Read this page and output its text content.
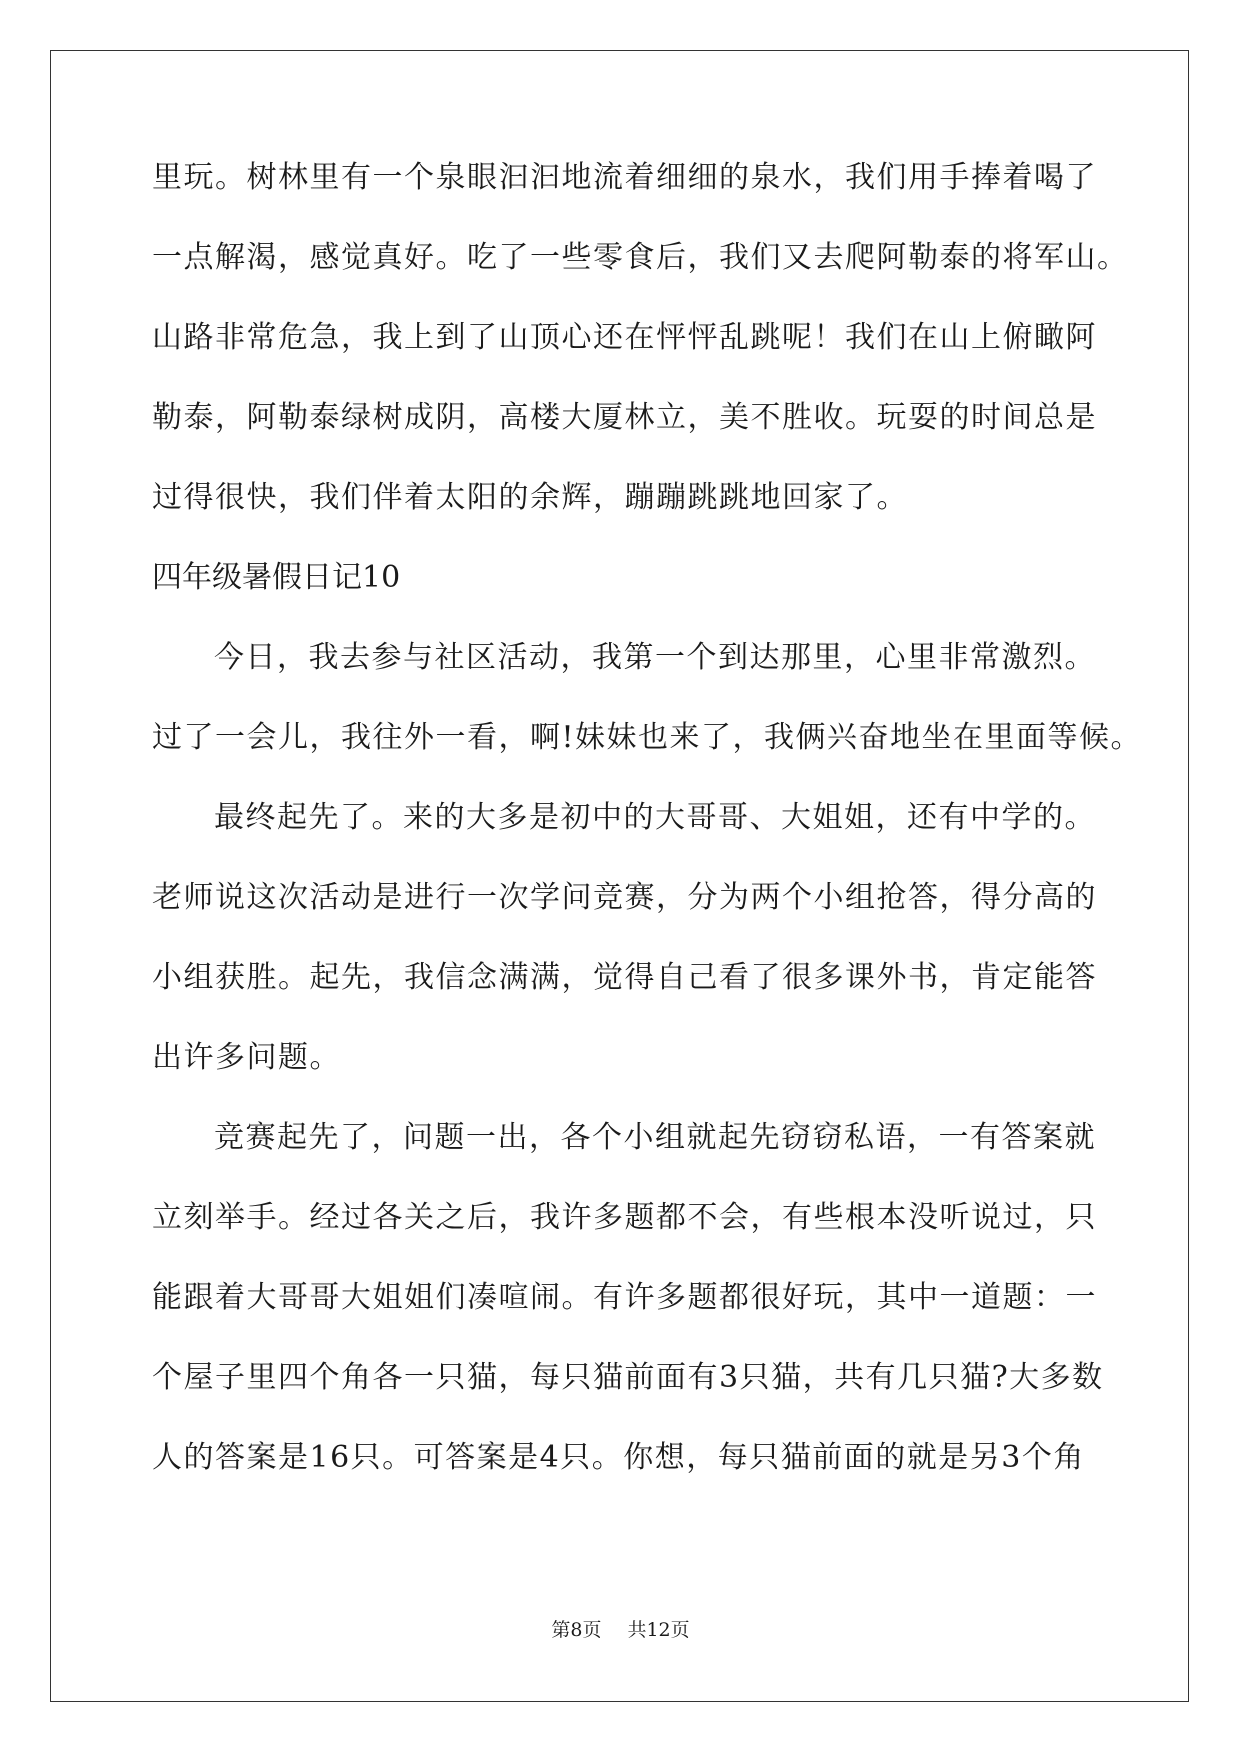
里玩。树林里有一个泉眼汩汩地流着细细的泉水，我们用手捧着喝了
一点解渴，感觉真好。吃了一些零食后，我们又去爬阿勒泰的将军山。
山路非常危急，我上到了山顶心还在怦怦乱跳呢！我们在山上俯瞰阿
勒泰，阿勒泰绿树成阴，高楼大厦林立，美不胜收。玩耍的时间总是
过得很快，我们伴着太阳的余辉，蹦蹦跳跳地回家了。
四年级暑假日记10
今日，我去参与社区活动，我第一个到达那里，心里非常激烈。
过了一会儿，我往外一看，啊!妹妹也来了，我俩兴奋地坐在里面等候。
最终起先了。来的大多是初中的大哥哥、大姐姐，还有中学的。
老师说这次活动是进行一次学问竞赛，分为两个小组抢答，得分高的
小组获胜。起先，我信念满满，觉得自己看了很多课外书，肯定能答
出许多问题。
竞赛起先了，问题一出，各个小组就起先窃窃私语，一有答案就
立刻举手。经过各关之后，我许多题都不会，有些根本没听说过，只
能跟着大哥哥大姐姐们凑喧闹。有许多题都很好玩，其中一道题：一
个屋子里四个角各一只猫，每只猫前面有3只猫，共有几只猫?大多数
人的答案是16只。可答案是4只。你想，每只猫前面的就是另3个角
第8页 共12页
